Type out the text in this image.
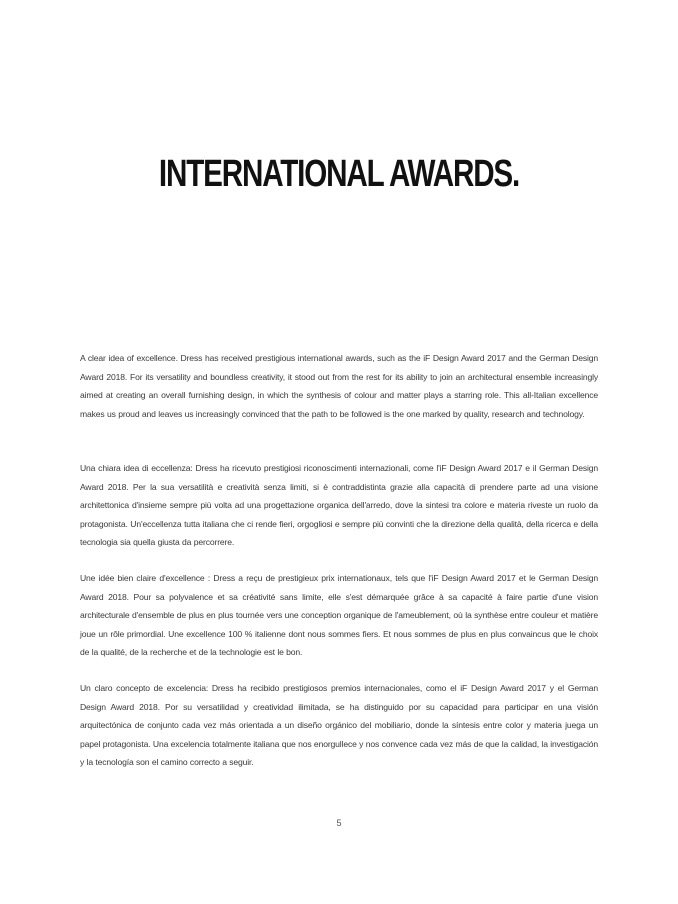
INTERNATIONAL AWARDS.

A clear idea of excellence. Dress has received prestigious international awards, such as the iF Design Award 2017 and the German Design Award 2018. For its versatility and boundless creativity, it stood out from the rest for its ability to join an architectural ensemble increasingly aimed at creating an overall furnishing design, in which the synthesis of colour and matter plays a starring role. This all-Italian excellence makes us proud and leaves us increasingly convinced that the path to be followed is the one marked by quality, research and technology.

Una chiara idea di eccellenza: Dress ha ricevuto prestigiosi riconoscimenti internazionali, come l'iF Design Award 2017 e il German Design Award 2018. Per la sua versatilità e creatività senza limiti, si è contraddistinta grazie alla capacità di prendere parte ad una visione architettonica d'insieme sempre più volta ad una progettazione organica dell'arredo, dove la sintesi tra colore e materia riveste un ruolo da protagonista. Un'eccellenza tutta italiana che ci rende fieri, orgogliosi e sempre più convinti che la direzione della qualità, della ricerca e della tecnologia sia quella giusta da percorrere.

Une idée bien claire d'excellence : Dress a reçu de prestigieux prix internationaux, tels que l'iF Design Award 2017 et le German Design Award 2018. Pour sa polyvalence et sa créativité sans limite, elle s'est démarquée grâce à sa capacité à faire partie d'une vision architecturale d'ensemble de plus en plus tournée vers une conception organique de l'ameublement, où la synthèse entre couleur et matière joue un rôle primordial. Une excellence 100 % italienne dont nous sommes fiers. Et nous sommes de plus en plus convaincus que le choix de la qualité, de la recherche et de la technologie est le bon.

Un claro concepto de excelencia: Dress ha recibido prestigiosos premios internacionales, como el iF Design Award 2017 y el German Design Award 2018. Por su versatilidad y creatividad ilimitada, se ha distinguido por su capacidad para participar en una visión arquitectónica de conjunto cada vez más orientada a un diseño orgánico del mobiliario, donde la síntesis entre color y materia juega un papel protagonista. Una excelencia totalmente italiana que nos enorgullece y nos convence cada vez más de que la calidad, la investigación y la tecnología son el camino correcto a seguir.

5
